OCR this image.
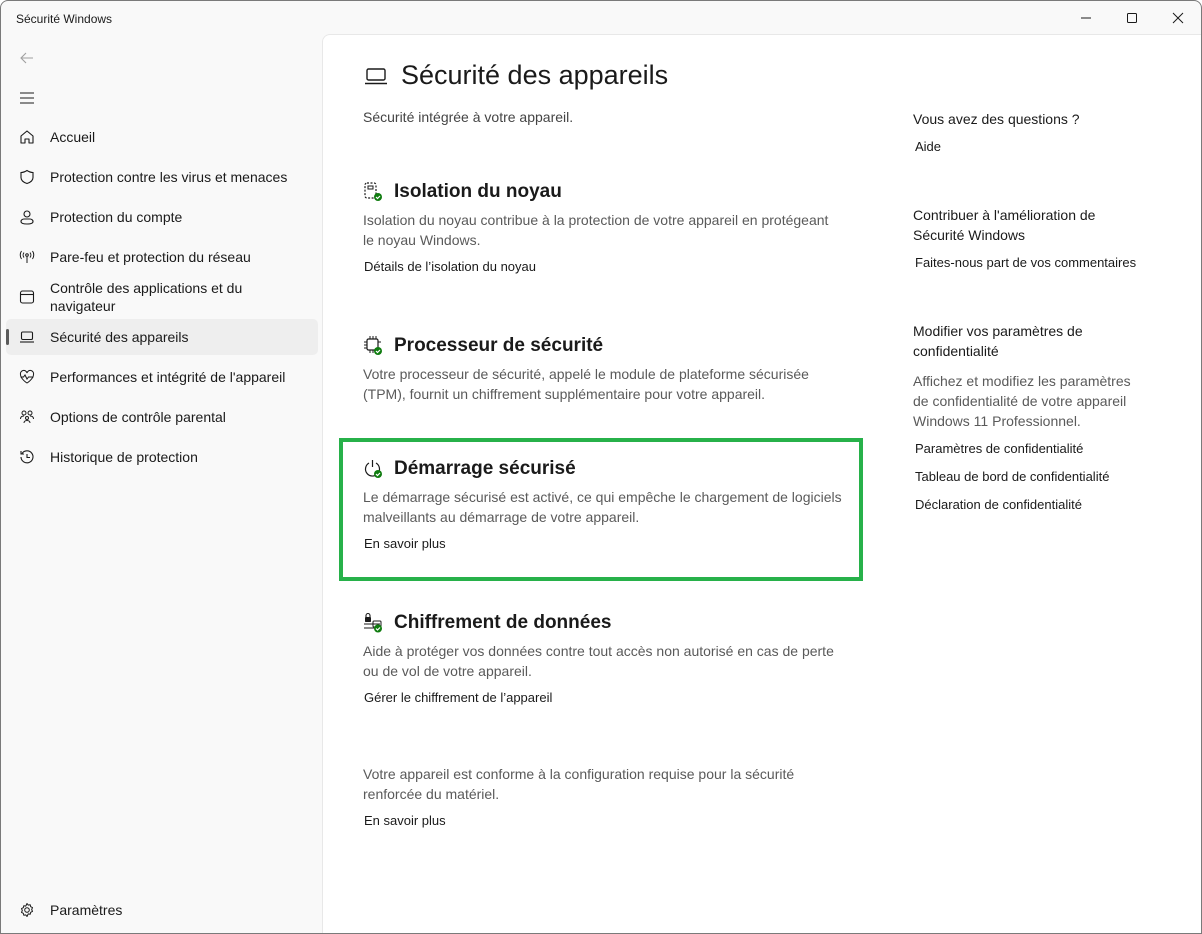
Sécurité Windows
Accueil
Protection contre les virus et menaces
Protection du compte
Pare-feu et protection du réseau
Contrôle des applications et du navigateur
Sécurité des appareils
Performances et intégrité de l'appareil
Options de contrôle parental
Historique de protection
Paramètres
Sécurité des appareils

Sécurité intégrée à votre appareil.

Isolation du noyau

Isolation du noyau contribue à la protection de votre appareil en protégeant le noyau Windows.

Détails de l’isolation du noyau
Processeur de sécurité

Votre processeur de sécurité, appelé le module de plateforme sécurisée (TPM), fournit un chiffrement supplémentaire pour votre appareil.

Démarrage sécurisé

Le démarrage sécurisé est activé, ce qui empêche le chargement de logiciels malveillants au démarrage de votre appareil.

En savoir plus
Chiffrement de données

Aide à protéger vos données contre tout accès non autorisé en cas de perte ou de vol de votre appareil.

Gérer le chiffrement de l’appareil

Votre appareil est conforme à la configuration requise pour la sécurité renforcée du matériel.

En savoir plus

Vous avez des questions ?

Aide

Contribuer à l'amélioration de Sécurité Windows

Faites-nous part de vos commentaires

Modifier vos paramètres de confidentialité

Affichez et modifiez les paramètres de confidentialité de votre appareil Windows 11 Professionnel.

Paramètres de confidentialité
Tableau de bord de confidentialité
Déclaration de confidentialité
